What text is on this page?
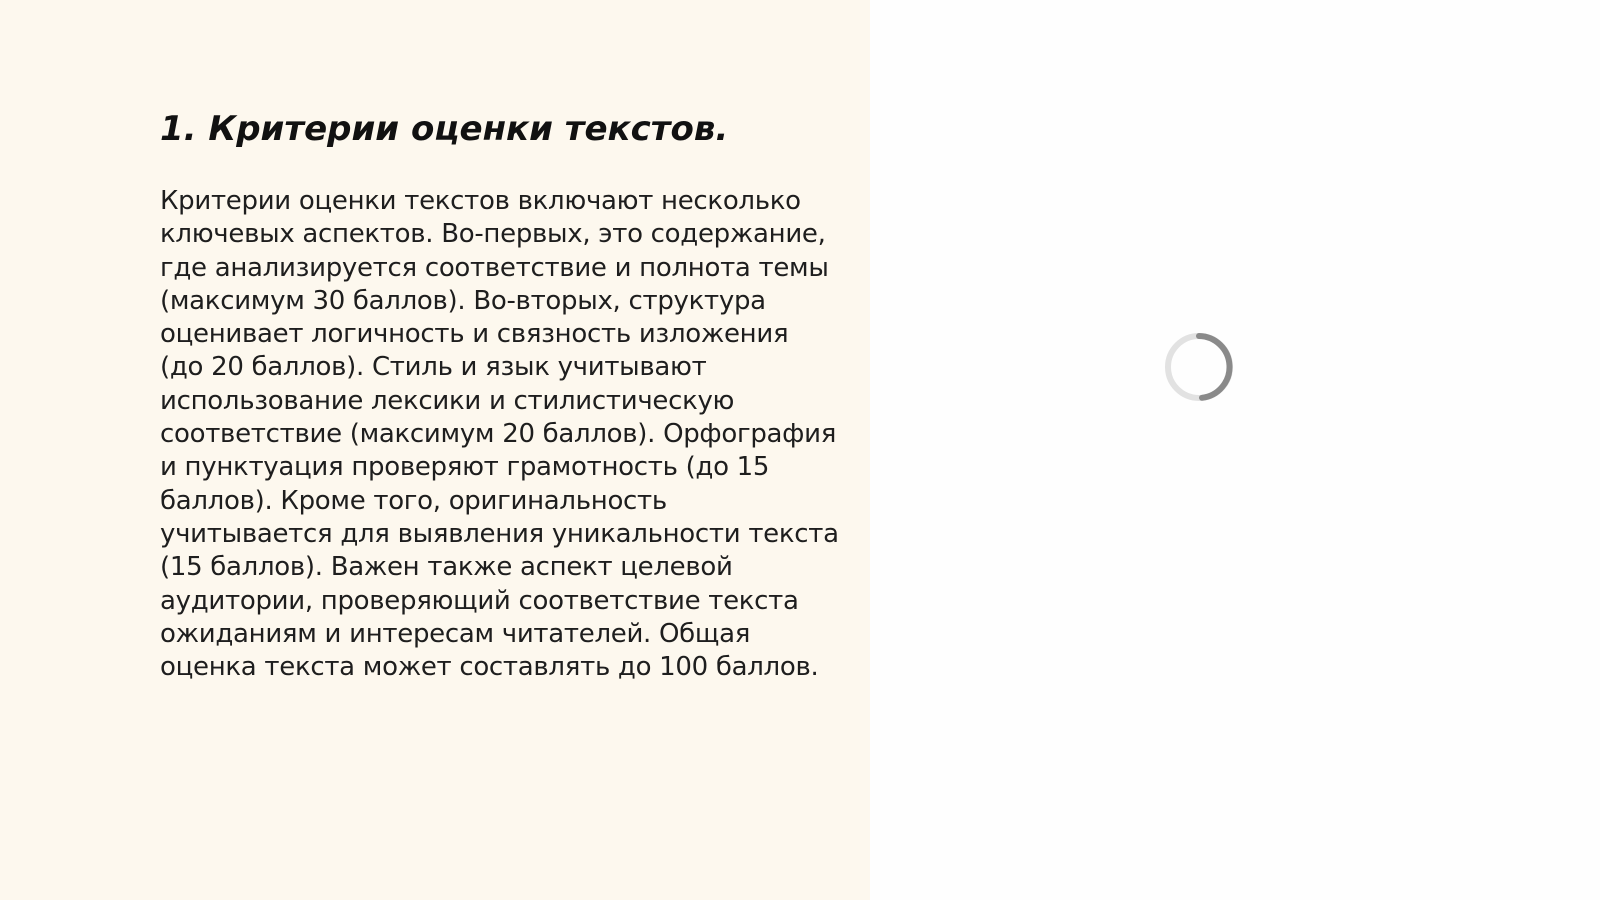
1. Критерии оценки текстов.
Критерии оценки текстов включают несколько
ключевых аспектов. Во-первых, это содержание,
где анализируется соответствие и полнота темы
(максимум 30 баллов). Во-вторых, структура
оценивает логичность и связность изложения
(до 20 баллов). Стиль и язык учитывают
использование лексики и стилистическую
соответствие (максимум 20 баллов). Орфография
и пунктуация проверяют грамотность (до 15
баллов). Кроме того, оригинальность
учитывается для выявления уникальности текста
(15 баллов). Важен также аспект целевой
аудитории, проверяющий соответствие текста
ожиданиям и интересам читателей. Общая
оценка текста может составлять до 100 баллов.
